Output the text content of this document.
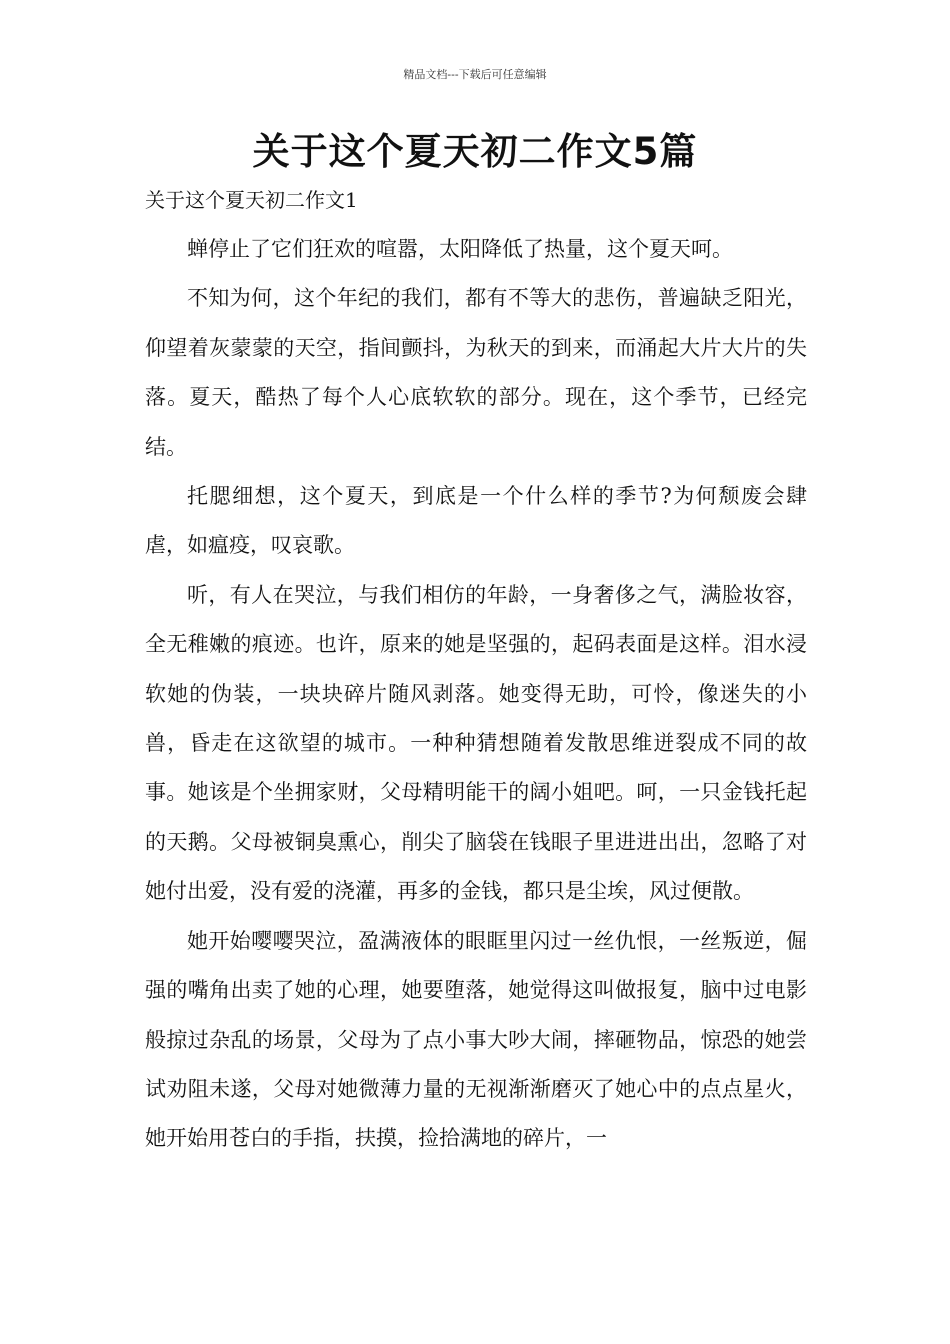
精品文档---下载后可任意编辑
关于这个夏天初二作文5篇
关于这个夏天初二作文1

蝉停止了它们狂欢的喧嚣，太阳降低了热量，这个夏天呵。

不知为何，这个年纪的我们，都有不等大的悲伤，普遍缺乏阳光，仰望着灰蒙蒙的天空，指间颤抖，为秋天的到来，而涌起大片大片的失落。夏天，酷热了每个人心底软软的部分。现在，这个季节，已经完结。

托腮细想，这个夏天，到底是一个什么样的季节?为何颓废会肆虐，如瘟疫，叹哀歌。

听，有人在哭泣，与我们相仿的年龄，一身奢侈之气，满脸妆容，全无稚嫩的痕迹。也许，原来的她是坚强的，起码表面是这样。泪水浸软她的伪装，一块块碎片随风剥落。她变得无助，可怜，像迷失的小兽，昏走在这欲望的城市。一种种猜想随着发散思维迸裂成不同的故事。她该是个坐拥家财，父母精明能干的阔小姐吧。呵，一只金钱托起的天鹅。父母被铜臭熏心，削尖了脑袋在钱眼子里进进出出，忽略了对她付出爱，没有爱的浇灌，再多的金钱，都只是尘埃，风过便散。

她开始嘤嘤哭泣，盈满液体的眼眶里闪过一丝仇恨，一丝叛逆，倔强的嘴角出卖了她的心理，她要堕落，她觉得这叫做报复，脑中过电影般掠过杂乱的场景，父母为了点小事大吵大闹，摔砸物品，惊恐的她尝试劝阻未遂，父母对她微薄力量的无视渐渐磨灭了她心中的点点星火，她开始用苍白的手指，扶摸，捡拾满地的碎片，一
